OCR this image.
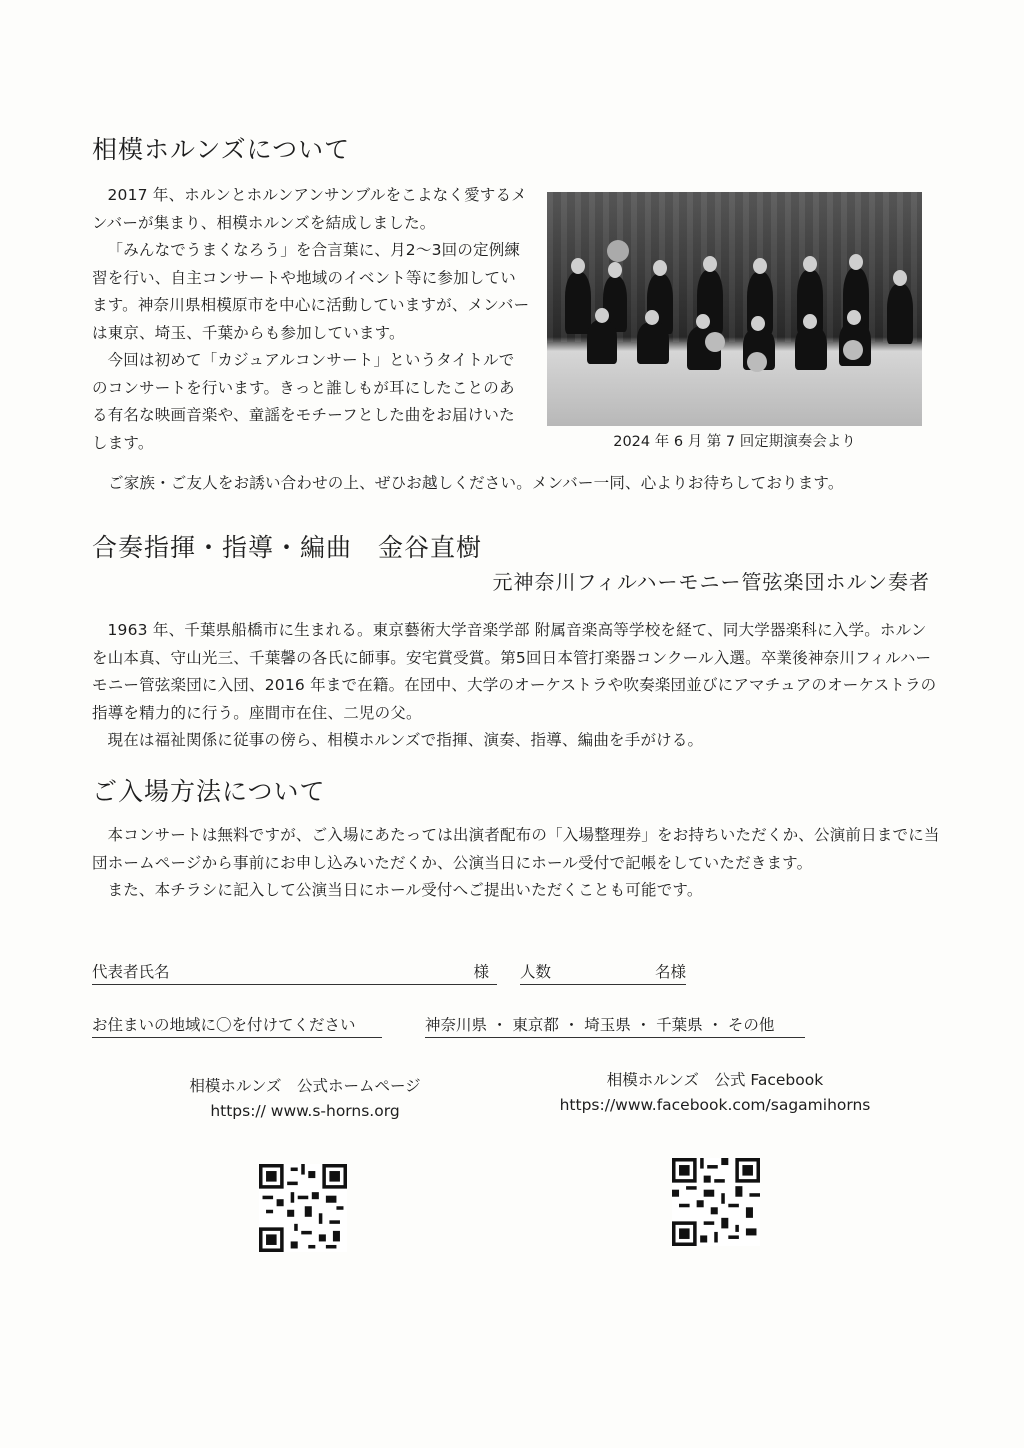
相模ホルンズについて

2017 年、ホルンとホルンアンサンブルをこよなく愛するメンバーが集まり、相模ホルンズを結成しました。

「みんなでうまくなろう」を合言葉に、月2～3回の定例練習を行い、自主コンサートや地域のイベント等に参加しています。神奈川県相模原市を中心に活動していますが、メンバーは東京、埼玉、千葉からも参加しています。

今回は初めて「カジュアルコンサート」というタイトルでのコンサートを行います。きっと誰しもが耳にしたことのある有名な映画音楽や、童謡をモチーフとした曲をお届けいたします。	2024 年 6 月 第 7 回定期演奏会より
ご家族・ご友人をお誘い合わせの上、ぜひお越しください。メンバー一同、心よりお待ちしております。
合奏指揮・指導・編曲　金谷直樹
元神奈川フィルハーモニー管弦楽団ホルン奏者

1963 年、千葉県船橋市に生まれる。東京藝術大学音楽学部 附属音楽高等学校を経て、同大学器楽科に入学。ホルンを山本真、守山光三、千葉馨の各氏に師事。安宅賞受賞。第5回日本管打楽器コンクール入選。卒業後神奈川フィルハーモニー管弦楽団に入団、2016 年まで在籍。在団中、大学のオーケストラや吹奏楽団並びにアマチュアのオーケストラの指導を精力的に行う。座間市在住、二児の父。

現在は福祉関係に従事の傍ら、相模ホルンズで指揮、演奏、指導、編曲を手がける。

ご入場方法について

本コンサートは無料ですが、ご入場にあたっては出演者配布の「入場整理券」をお持ちいただくか、公演前日までに当団ホームページから事前にお申し込みいただくか、公演当日にホール受付で記帳をしていただきます。

また、本チラシに記入して公演当日にホール受付へご提出いただくことも可能です。

代表者氏名	様 人数	名様
お住まいの地域に〇を付けてください	神奈川県 ・ 東京都 ・ 埼玉県 ・ 千葉県 ・ その他
相模ホルンズ　公式ホームページ
https:// www.s-horns.org
相模ホルンズ　公式 Facebook
https://www.facebook.com/sagamihorns
